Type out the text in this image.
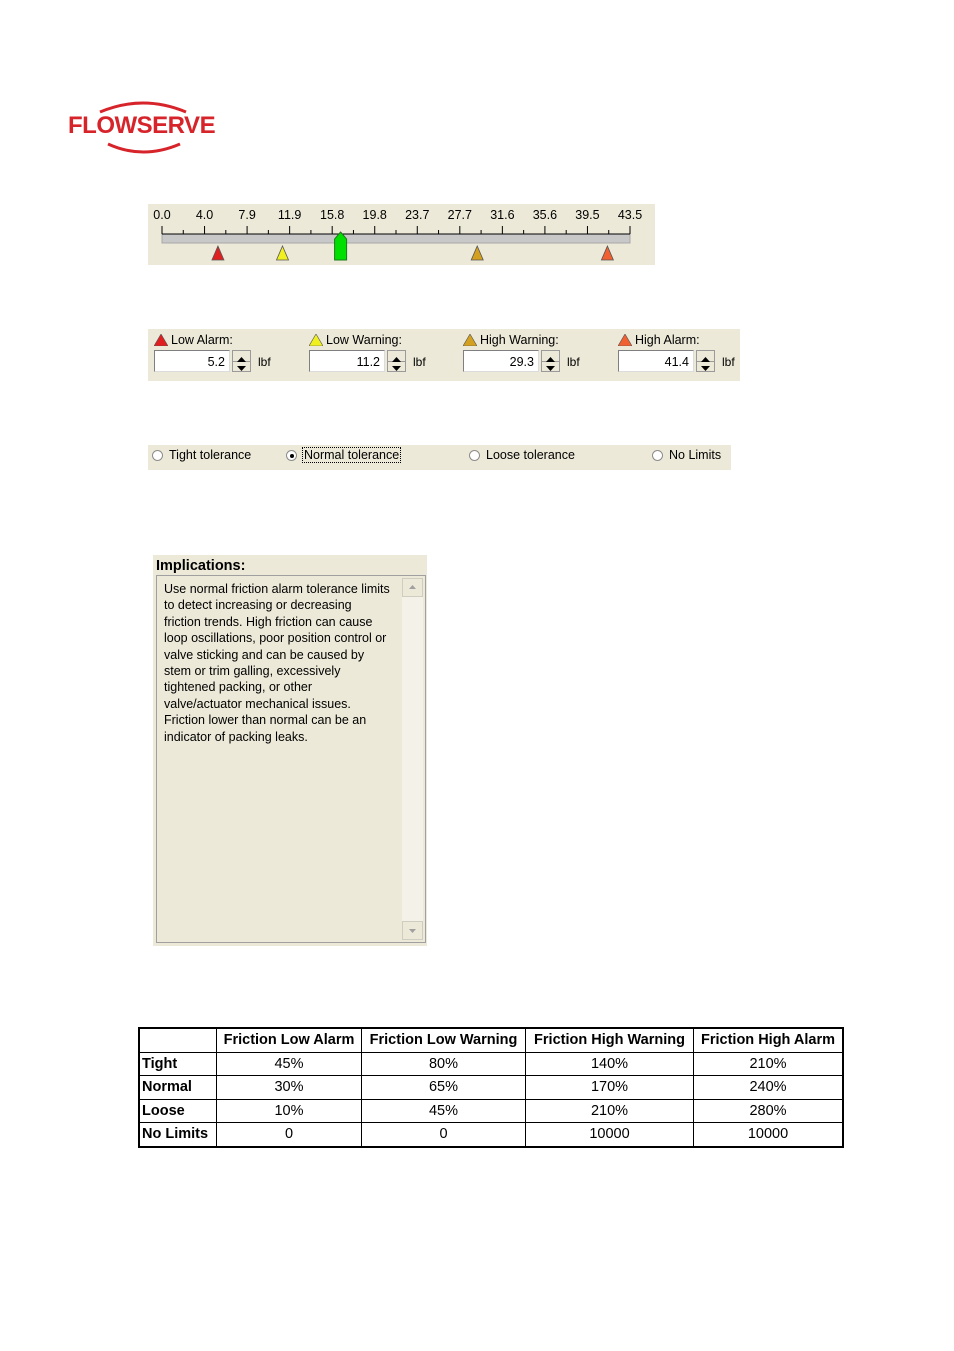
FLOWSERVE
0.0 4.0 7.9 11.9 15.8 19.8 23.7 27.7 31.6 35.6 39.5 43.5
Low Alarm:
5.2
lbf
Low Warning:
11.2
lbf
High Warning:
29.3
lbf
High Alarm:
41.4
lbf
Tight tolerance	Normal tolerance	Loose tolerance	No Limits
Implications:
Use normal friction alarm tolerance limits
to detect increasing or decreasing
friction trends. High friction can cause
loop oscillations, poor position control or
valve sticking and can be caused by
stem or trim galling, excessively
tightened packing, or other
valve/actuator mechanical issues.
Friction lower than normal can be an
indicator of packing leaks.
	Friction Low Alarm	Friction Low Warning	Friction High Warning	Friction High Alarm
Tight	45%	80%	140%	210%
Normal	30%	65%	170%	240%
Loose	10%	45%	210%	280%
No Limits	0	0	10000	10000
